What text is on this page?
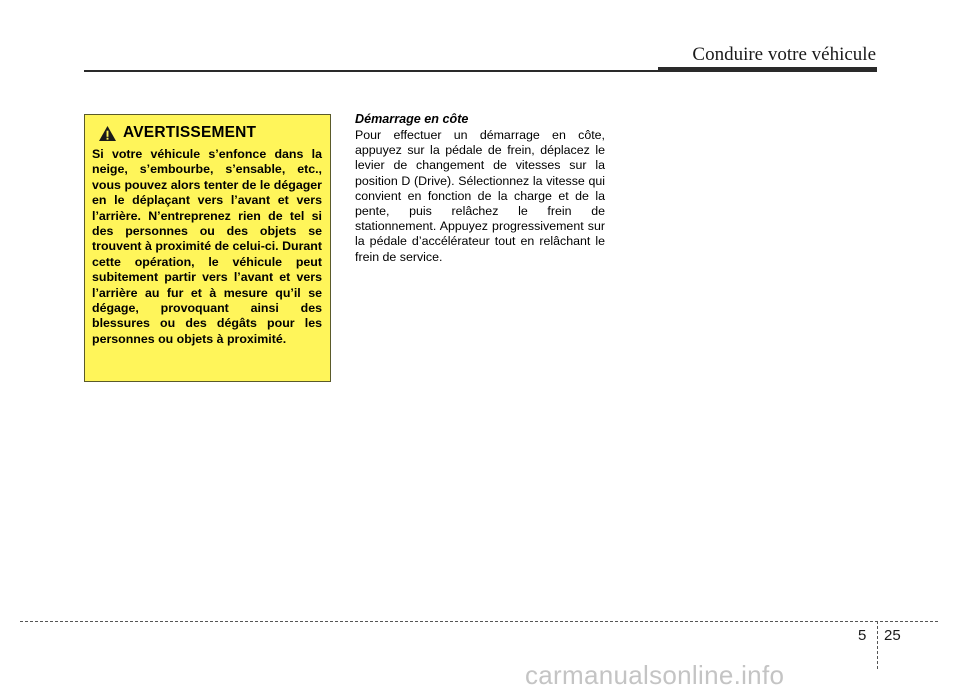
Conduire votre véhicule
AVERTISSEMENT

Si votre véhicule s’enfonce dans la neige, s’embourbe, s’ensable, etc., vous pouvez alors tenter de le dégager en le déplaçant vers l’avant et vers l’arrière. N’entreprenez rien de tel si des personnes ou des objets se trouvent à proximité de celui-ci. Durant cette opération, le véhicule peut subitement partir vers l’avant et vers l’arrière au fur et à mesure qu’il se dégage, provoquant ainsi des blessures ou des dégâts pour les personnes ou objets à proximité.

Démarrage en côte

Pour effectuer un démarrage en côte, appuyez sur la pédale de frein, déplacez le levier de changement de vitesses sur la position D (Drive). Sélectionnez la vitesse qui convient en fonction de la charge et de la pente, puis relâchez le frein de stationnement. Appuyez progressivement sur la pédale d’accélérateur tout en relâchant le frein de service.

5 25
carmanualsonline.info
